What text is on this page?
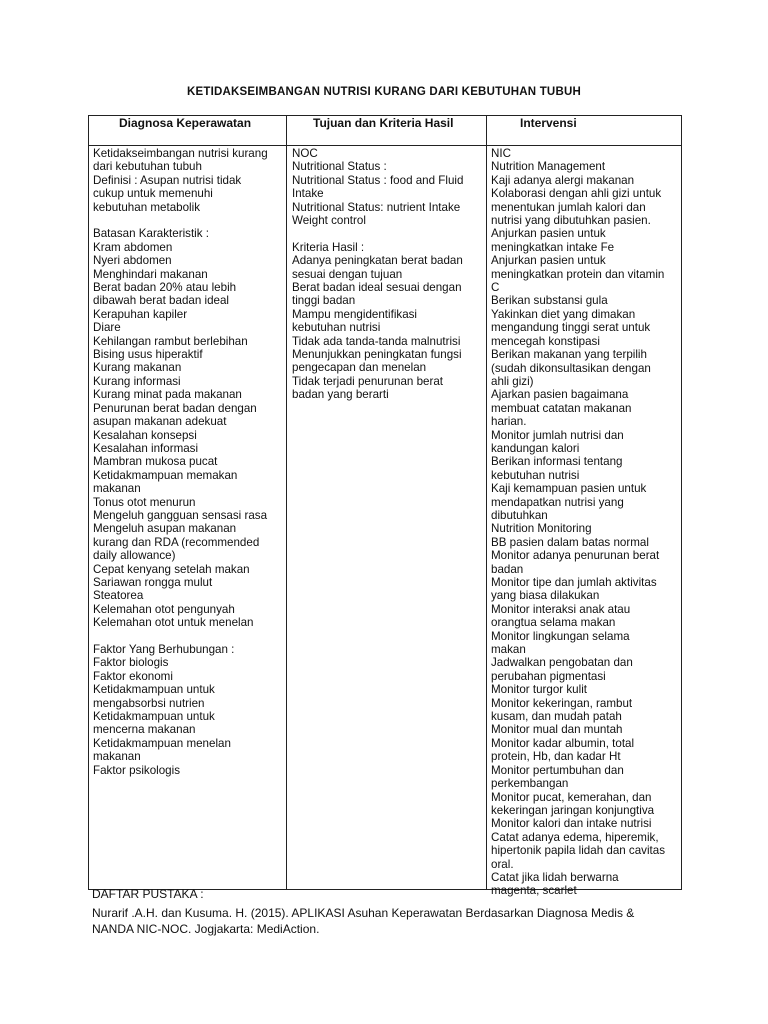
KETIDAKSEIMBANGAN NUTRISI KURANG DARI KEBUTUHAN TUBUH
Diagnosa Keperawatan	Tujuan dan Kriteria Hasil	Intervensi
Ketidakseimbangan nutrisi kurang
dari kebutuhan tubuh
Definisi : Asupan nutrisi tidak
cukup untuk memenuhi
kebutuhan metabolik
Batasan Karakteristik :
Kram abdomen
Nyeri abdomen
Menghindari makanan
Berat badan 20% atau lebih
dibawah berat badan ideal
Kerapuhan kapiler
Diare
Kehilangan rambut berlebihan
Bising usus hiperaktif
Kurang makanan
Kurang informasi
Kurang minat pada makanan
Penurunan berat badan dengan
asupan makanan adekuat
Kesalahan konsepsi
Kesalahan informasi
Mambran mukosa pucat
Ketidakmampuan memakan
makanan
Tonus otot menurun
Mengeluh gangguan sensasi rasa
Mengeluh asupan makanan
kurang dan RDA (recommended
daily allowance)
Cepat kenyang setelah makan
Sariawan rongga mulut
Steatorea
Kelemahan otot pengunyah
Kelemahan otot untuk menelan
Faktor Yang Berhubungan :
Faktor biologis
Faktor ekonomi
Ketidakmampuan untuk
mengabsorbsi nutrien
Ketidakmampuan untuk
mencerna makanan
Ketidakmampuan menelan
makanan
Faktor psikologis
NOC
Nutritional Status :
Nutritional Status : food and Fluid
Intake
Nutritional Status: nutrient Intake
Weight control
Kriteria Hasil :
Adanya peningkatan berat badan
sesuai dengan tujuan
Berat badan ideal sesuai dengan
tinggi badan
Mampu mengidentifikasi
kebutuhan nutrisi
Tidak ada tanda-tanda malnutrisi
Menunjukkan peningkatan fungsi
pengecapan dan menelan
Tidak terjadi penurunan berat
badan yang berarti
NIC
Nutrition Management
Kaji adanya alergi makanan
Kolaborasi dengan ahli gizi untuk
menentukan jumlah kalori dan
nutrisi yang dibutuhkan pasien.
Anjurkan pasien untuk
meningkatkan intake Fe
Anjurkan pasien untuk
meningkatkan protein dan vitamin
C
Berikan substansi gula
Yakinkan diet yang dimakan
mengandung tinggi serat untuk
mencegah konstipasi
Berikan makanan yang terpilih
(sudah dikonsultasikan dengan
ahli gizi)
Ajarkan pasien bagaimana
membuat catatan makanan
harian.
Monitor jumlah nutrisi dan
kandungan kalori
Berikan informasi tentang
kebutuhan nutrisi
Kaji kemampuan pasien untuk
mendapatkan nutrisi yang
dibutuhkan
Nutrition Monitoring
BB pasien dalam batas normal
Monitor adanya penurunan berat
badan
Monitor tipe dan jumlah aktivitas
yang biasa dilakukan
Monitor interaksi anak atau
orangtua selama makan
Monitor lingkungan selama
makan
Jadwalkan pengobatan dan
perubahan pigmentasi
Monitor turgor kulit
Monitor kekeringan, rambut
kusam, dan mudah patah
Monitor mual dan muntah
Monitor kadar albumin, total
protein, Hb, dan kadar Ht
Monitor pertumbuhan dan
perkembangan
Monitor pucat, kemerahan, dan
kekeringan jaringan konjungtiva
Monitor kalori dan intake nutrisi
Catat adanya edema, hiperemik,
hipertonik papila lidah dan cavitas
oral.
Catat jika lidah berwarna
magenta, scarlet
DAFTAR PUSTAKA :
Nurarif .A.H. dan Kusuma. H. (2015). APLIKASI Asuhan Keperawatan Berdasarkan Diagnosa Medis &
NANDA NIC-NOC. Jogjakarta: MediAction.
